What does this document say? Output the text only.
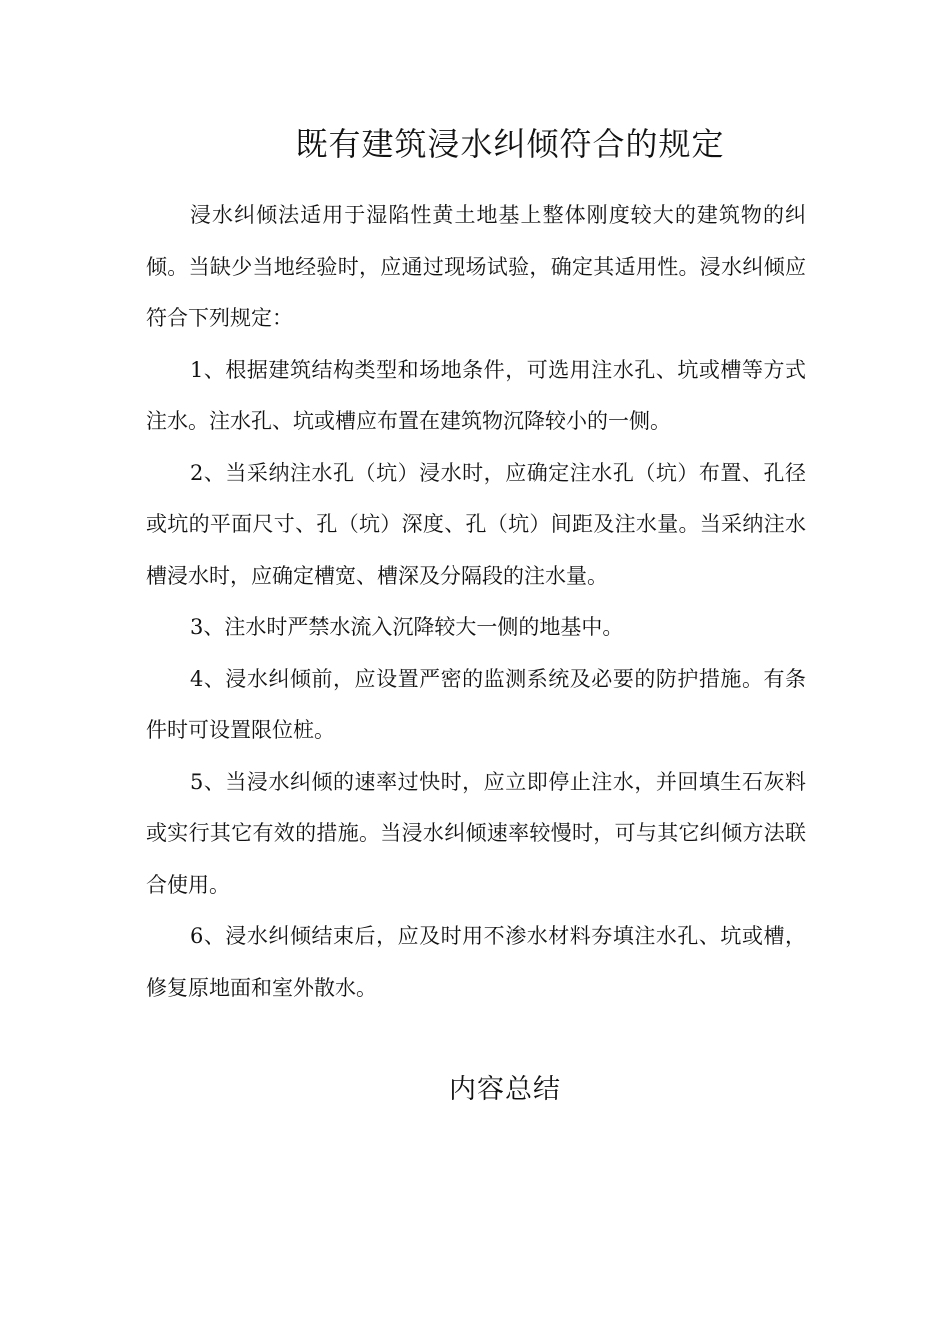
既有建筑浸水纠倾符合的规定

浸水纠倾法适用于湿陷性黄土地基上整体刚度较大的建筑物的纠倾。当缺少当地经验时，应通过现场试验，确定其适用性。浸水纠倾应符合下列规定：

1、根据建筑结构类型和场地条件，可选用注水孔、坑或槽等方式注水。注水孔、坑或槽应布置在建筑物沉降较小的一侧。

2、当采纳注水孔（坑）浸水时，应确定注水孔（坑）布置、孔径或坑的平面尺寸、孔（坑）深度、孔（坑）间距及注水量。当采纳注水槽浸水时，应确定槽宽、槽深及分隔段的注水量。

3、注水时严禁水流入沉降较大一侧的地基中。

4、浸水纠倾前，应设置严密的监测系统及必要的防护措施。有条件时可设置限位桩。

5、当浸水纠倾的速率过快时，应立即停止注水，并回填生石灰料或实行其它有效的措施。当浸水纠倾速率较慢时，可与其它纠倾方法联合使用。

6、浸水纠倾结束后，应及时用不渗水材料夯填注水孔、坑或槽，修复原地面和室外散水。

内容总结
